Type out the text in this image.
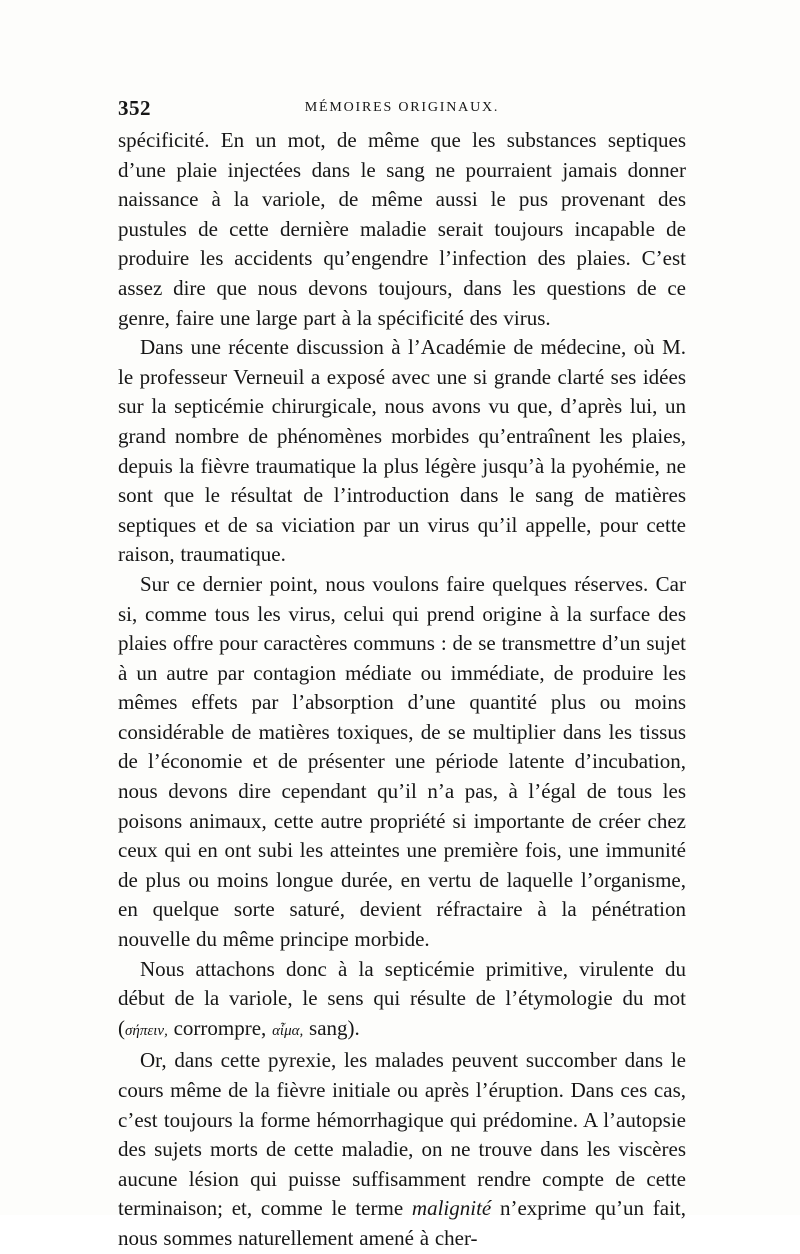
352	MÉMOIRES ORIGINAUX.

spécificité. En un mot, de même que les substances septiques d’une plaie injectées dans le sang ne pourraient jamais donner naissance à la variole, de même aussi le pus provenant des pustules de cette dernière maladie serait toujours incapable de produire les accidents qu’engendre l’infection des plaies. C’est assez dire que nous devons toujours, dans les questions de ce genre, faire une large part à la spécificité des virus.

Dans une récente discussion à l’Académie de médecine, où M. le professeur Verneuil a exposé avec une si grande clarté ses idées sur la septicémie chirurgicale, nous avons vu que, d’après lui, un grand nombre de phénomènes morbides qu’entraînent les plaies, depuis la fièvre traumatique la plus légère jusqu’à la pyohémie, ne sont que le résultat de l’introduction dans le sang de matières septiques et de sa viciation par un virus qu’il appelle, pour cette raison, traumatique.

Sur ce dernier point, nous voulons faire quelques réserves. Car si, comme tous les virus, celui qui prend origine à la surface des plaies offre pour caractères communs : de se transmettre d’un sujet à un autre par contagion médiate ou immédiate, de produire les mêmes effets par l’absorption d’une quantité plus ou moins considérable de matières toxiques, de se multiplier dans les tissus de l’économie et de présenter une période latente d’incubation, nous devons dire cependant qu’il n’a pas, à l’égal de tous les poisons animaux, cette autre propriété si importante de créer chez ceux qui en ont subi les atteintes une première fois, une immunité de plus ou moins longue durée, en vertu de laquelle l’organisme, en quelque sorte saturé, devient réfractaire à la pénétration nouvelle du même principe morbide.

Nous attachons donc à la septicémie primitive, virulente du début de la variole, le sens qui résulte de l’étymologie du mot (σήπειν, corrompre, αἷμα, sang).

Or, dans cette pyrexie, les malades peuvent succomber dans le cours même de la fièvre initiale ou après l’éruption. Dans ces cas, c’est toujours la forme hémorrhagique qui prédomine. A l’autopsie des sujets morts de cette maladie, on ne trouve dans les viscères aucune lésion qui puisse suffisamment rendre compte de cette terminaison; et, comme le terme malignité n’exprime qu’un fait, nous sommes naturellement amené à cher-
